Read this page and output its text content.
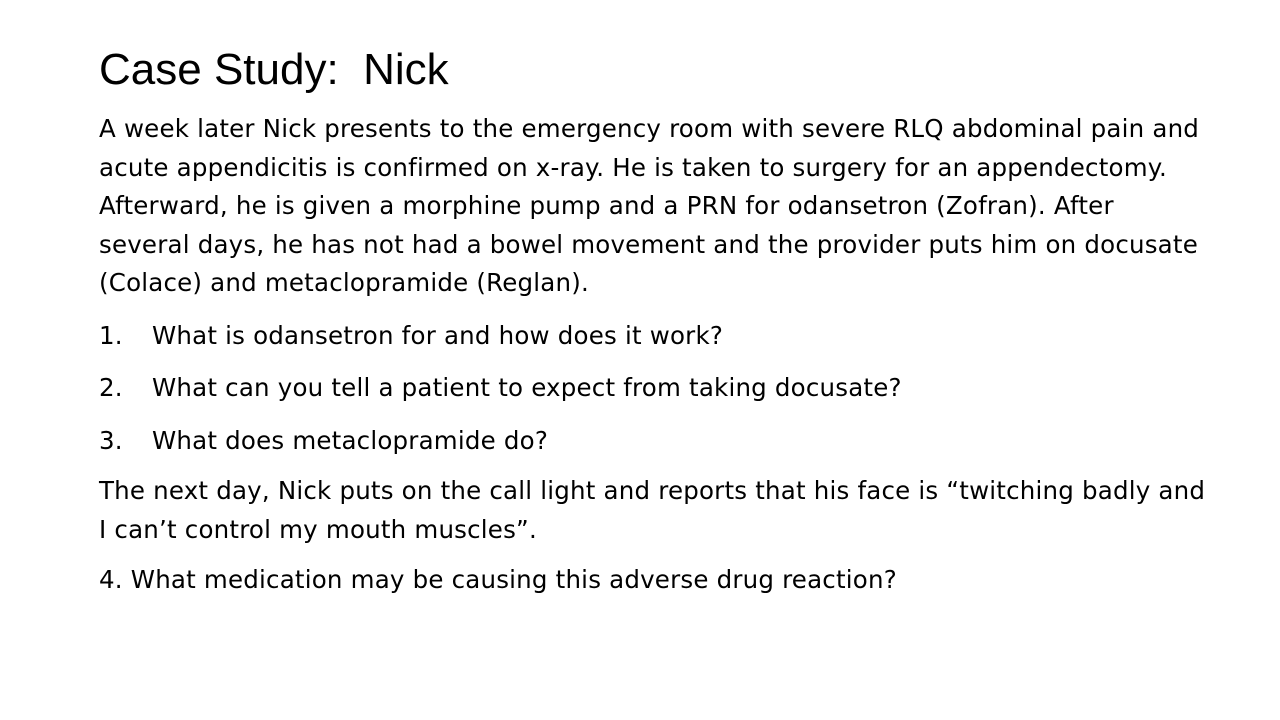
Case Study:  Nick

A week later Nick presents to the emergency room with severe RLQ abdominal pain and acute appendicitis is confirmed on x-ray. He is taken to surgery for an appendectomy. Afterward, he is given a morphine pump and a PRN for odansetron (Zofran). After several days, he has not had a bowel movement and the provider puts him on docusate (Colace) and metaclopramide (Reglan).

1.	What is odansetron for and how does it work?
2.	What can you tell a patient to expect from taking docusate?
3.	What does metaclopramide do?

The next day, Nick puts on the call light and reports that his face is “twitching badly and I can’t control my mouth muscles”.

4. What medication may be causing this adverse drug reaction?
